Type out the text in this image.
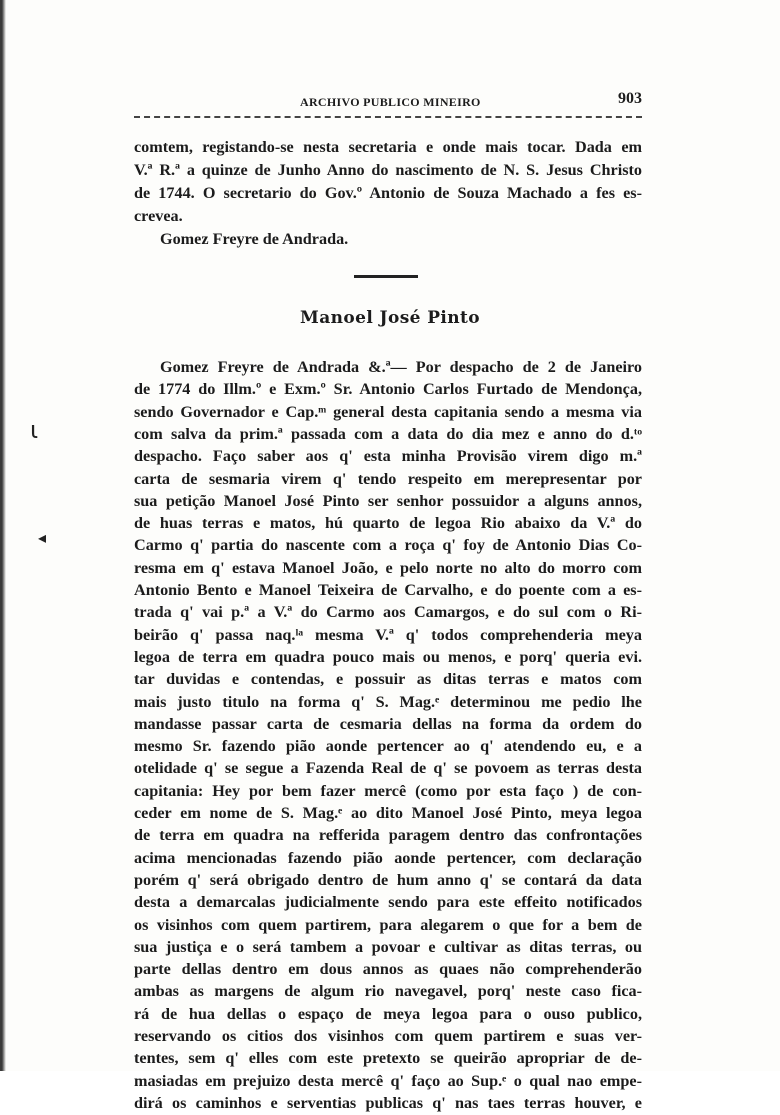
ARCHIVO PUBLICO MINEIRO	903
comtem, registando-se nesta secretaria e onde mais tocar. Dada em
V.ª R.ª a quinze de Junho Anno do nascimento de N. S. Jesus Christo
de 1744. O secretario do Gov.º Antonio de Souza Machado a fes es-
crevea.
Gomez Freyre de Andrada.
Manoel José Pinto
Gomez Freyre de Andrada &.ª— Por despacho de 2 de Janeiro
de 1774 do Illm.º e Exm.º Sr. Antonio Carlos Furtado de Mendonça,
sendo Governador e Cap.ᵐ general desta capitania sendo a mesma via
com salva da prim.ª passada com a data do dia mez e anno do d.ᵗᵒ
despacho. Faço saber aos q' esta minha Provisão virem digo m.ª
carta de sesmaria virem q' tendo respeito em merepresentar por
sua petição Manoel José Pinto ser senhor possuidor a alguns annos,
de huas terras e matos, hú quarto de legoa Rio abaixo da V.ª do
Carmo q' partia do nascente com a roça q' foy de Antonio Dias Co-
resma em q' estava Manoel João, e pelo norte no alto do morro com
Antonio Bento e Manoel Teixeira de Carvalho, e do poente com a es-
trada q' vai p.ª a V.ª do Carmo aos Camargos, e do sul com o Ri-
beirão q' passa naq.ˡᵃ mesma V.ª q' todos comprehenderia meya
legoa de terra em quadra pouco mais ou menos, e porq' queria evi.
tar duvidas e contendas, e possuir as ditas terras e matos com
mais justo titulo na forma q' S. Mag.ᵉ determinou me pedio lhe
mandasse passar carta de cesmaria dellas na forma da ordem do
mesmo Sr. fazendo pião aonde pertencer ao q' atendendo eu, e a
otelidade q' se segue a Fazenda Real de q' se povoem as terras desta
capitania: Hey por bem fazer mercê (como por esta faço ) de con-
ceder em nome de S. Mag.ᵉ ao dito Manoel José Pinto, meya legoa
de terra em quadra na refferida paragem dentro das confrontações
acima mencionadas fazendo pião aonde pertencer, com declaração
porém q' será obrigado dentro de hum anno q' se contará da data
desta a demarcalas judicialmente sendo para este effeito notificados
os visinhos com quem partirem, para alegarem o que for a bem de
sua justiça e o será tambem a povoar e cultivar as ditas terras, ou
parte dellas dentro em dous annos as quaes não comprehenderão
ambas as margens de algum rio navegavel, porq' neste caso fica-
rá de hua dellas o espaço de meya legoa para o ouso publico,
reservando os citios dos visinhos com quem partirem e suas ver-
tentes, sem q' elles com este pretexto se queirão apropriar de de-
masiadas em prejuizo desta mercê q' faço ao Sup.ᵉ o qual nao empe-
dirá os caminhos e serventias publicas q' nas taes terras houver, e
ɩ
◂
